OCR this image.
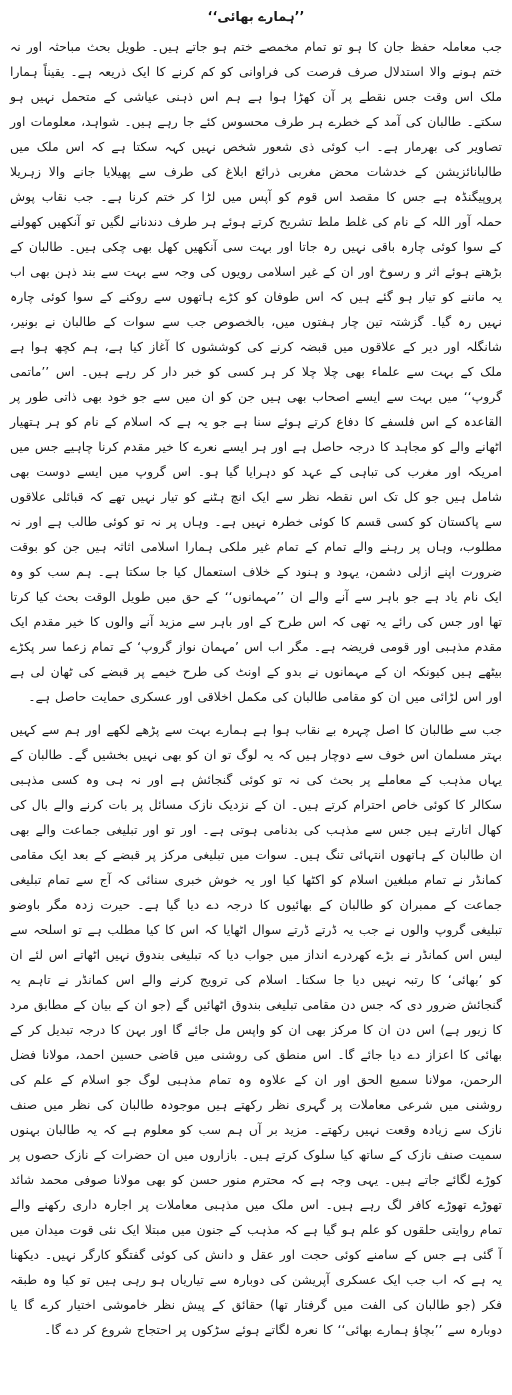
’’ہمارے بھائی‘‘

جب معاملہ حفظ جان کا ہو تو تمام مخمصے ختم ہو جاتے ہیں۔ طویل بحث مباحثہ اور نہ ختم ہونے والا استدلال صرف فرصت کی فراوانی کو کم کرنے کا ایک ذریعہ ہے۔ یقیناً ہمارا ملک اس وقت جس نقطے پر آن کھڑا ہوا ہے ہم اس ذہنی عیاشی کے متحمل نہیں ہو سکتے۔ طالبان کی آمد کے خطرے ہر طرف محسوس کئے جا رہے ہیں۔ شواہد، معلومات اور تصاویر کی بھرمار ہے۔ اب کوئی ذی شعور شخص نہیں کہہ سکتا ہے کہ اس ملک میں طالبانائزیشن کے خدشات محض مغربی ذرائع ابلاغ کی طرف سے پھیلایا جانے والا زہریلا پروپیگنڈہ ہے جس کا مقصد اس قوم کو آپس میں لڑا کر ختم کرنا ہے۔ جب نقاب پوش حملہ آور اللہ کے نام کی غلط ملط تشریح کرتے ہوئے ہر طرف دندنانے لگیں تو آنکھیں کھولنے کے سوا کوئی چارہ باقی نہیں رہ جاتا اور بہت سی آنکھیں کھل بھی چکی ہیں۔ طالبان کے بڑھتے ہوئے اثر و رسوخ اور ان کے غیر اسلامی رویوں کی وجہ سے بہت سے بند ذہن بھی اب یہ ماننے کو تیار ہو گئے ہیں کہ اس طوفان کو کڑے ہاتھوں سے روکنے کے سوا کوئی چارہ نہیں رہ گیا۔ گزشتہ تین چار ہفتوں میں، بالخصوص جب سے سوات کے طالبان نے بونیر، شانگلہ اور دیر کے علاقوں میں قبضہ کرنے کی کوششوں کا آغاز کیا ہے، ہم کچھ ہوا ہے ملک کے بہت سے علماء بھی چلا چلا کر ہر کسی کو خبر دار کر رہے ہیں۔ اس ’’ماتمی گروپ‘‘ میں بہت سے ایسے اصحاب بھی ہیں جن کو ان میں سے جو خود بھی ذاتی طور پر القاعدہ کے اس فلسفے کا دفاع کرتے ہوئے سنا ہے جو یہ ہے کہ اسلام کے نام کو ہر ہتھیار اٹھانے والے کو مجاہد کا درجہ حاصل ہے اور ہر ایسے نعرے کا خیر مقدم کرنا چاہیے جس میں امریکہ اور مغرب کی تباہی کے عہد کو دہرایا گیا ہو۔ اس گروپ میں ایسے دوست بھی شامل ہیں جو کل تک اس نقطہ نظر سے ایک انچ ہٹنے کو تیار نہیں تھے کہ قبائلی علاقوں سے پاکستان کو کسی قسم کا کوئی خطرہ نہیں ہے۔ وہاں پر نہ تو کوئی طالب ہے اور نہ مطلوب، وہاں پر رہنے والے تمام کے تمام غیر ملکی ہمارا اسلامی اثاثہ ہیں جن کو بوقت ضرورت اپنے ازلی دشمن، یہود و ہنود کے خلاف استعمال کیا جا سکتا ہے۔ ہم سب کو وہ ایک نام یاد ہے جو باہر سے آنے والے ان ’’مہمانوں‘‘ کے حق میں طویل الوقت بحث کیا کرتا تھا اور جس کی رائے یہ تھی کہ اس طرح کے اور باہر سے مزید آنے والوں کا خیر مقدم ایک مقدم مذہبی اور قومی فریضہ ہے۔ مگر اب اس ’مہمان نواز گروپ‘ کے تمام زعما سر پکڑے بیٹھے ہیں کیونکہ ان کے مہمانوں نے بدو کے اونٹ کی طرح خیمے پر قبضے کی ٹھان لی ہے اور اس لڑائی میں ان کو مقامی طالبان کی مکمل اخلاقی اور عسکری حمایت حاصل ہے۔

جب سے طالبان کا اصل چہرہ بے نقاب ہوا ہے ہمارے بہت سے پڑھے لکھے اور ہم سے کہیں بہتر مسلمان اس خوف سے دوچار ہیں کہ یہ لوگ تو ان کو بھی نہیں بخشیں گے۔ طالبان کے یہاں مذہب کے معاملے پر بحث کی نہ تو کوئی گنجائش ہے اور نہ ہی وہ کسی مذہبی سکالر کا کوئی خاص احترام کرتے ہیں۔ ان کے نزدیک نازک مسائل پر بات کرنے والے بال کی کھال اتارتے ہیں جس سے مذہب کی بدنامی ہوتی ہے۔ اور تو اور تبلیغی جماعت والے بھی ان طالبان کے ہاتھوں انتہائی تنگ ہیں۔ سوات میں تبلیغی مرکز پر قبضے کے بعد ایک مقامی کمانڈر نے تمام مبلغین اسلام کو اکٹھا کیا اور یہ خوش خبری سنائی کہ آج سے تمام تبلیغی جماعت کے ممبران کو طالبان کے بھائیوں کا درجہ دے دیا گیا ہے۔ حیرت زدہ مگر باوضو تبلیغی گروپ والوں نے جب یہ ڈرتے ڈرتے سوال اٹھایا کہ اس کا کیا مطلب ہے تو اسلحہ سے لیس اس کمانڈر نے بڑے کھردرے انداز میں جواب دیا کہ تبلیغی بندوق نہیں اٹھاتے اس لئے ان کو ’بھائی‘ کا رتبہ نہیں دیا جا سکتا۔ اسلام کی ترویج کرنے والے اس کمانڈر نے تاہم یہ گنجائش ضرور دی کہ جس دن مقامی تبلیغی بندوق اٹھائیں گے (جو ان کے بیان کے مطابق مرد کا زیور ہے) اس دن ان کا مرکز بھی ان کو واپس مل جائے گا اور بہن کا درجہ تبدیل کر کے بھائی کا اعزاز دے دیا جائے گا۔ اس منطق کی روشنی میں قاضی حسین احمد، مولانا فضل الرحمن، مولانا سمیع الحق اور ان کے علاوہ وہ تمام مذہبی لوگ جو اسلام کے علم کی روشنی میں شرعی معاملات پر گہری نظر رکھتے ہیں موجودہ طالبان کی نظر میں صنف نازک سے زیادہ وقعت نہیں رکھتے۔ مزید بر آں ہم سب کو معلوم ہے کہ یہ طالبان بہنوں سمیت صنف نازک کے ساتھ کیا سلوک کرتے ہیں۔ بازاروں میں ان حضرات کے نازک حصوں پر کوڑے لگائے جاتے ہیں۔ یہی وجہ ہے کہ محترم منور حسن کو بھی مولانا صوفی محمد شائد تھوڑے تھوڑے کافر لگ رہے ہیں۔ اس ملک میں مذہبی معاملات پر اجارہ داری رکھنے والے تمام روایتی حلقوں کو علم ہو گیا ہے کہ مذہب کے جنون میں مبتلا ایک نئی قوت میدان میں آ گئی ہے جس کے سامنے کوئی حجت اور عقل و دانش کی کوئی گفتگو کارگر نہیں۔ دیکھنا یہ ہے کہ اب جب ایک عسکری آپریشن کی دوبارہ سے تیاریاں ہو رہی ہیں تو کیا وہ طبقہ فکر (جو طالبان کی الفت میں گرفتار تھا) حقائق کے پیش نظر خاموشی اختیار کرے گا یا دوبارہ سے ’’بچاؤ ہمارے بھائی‘‘ کا نعرہ لگاتے ہوئے سڑکوں پر احتجاج شروع کر دے گا۔
